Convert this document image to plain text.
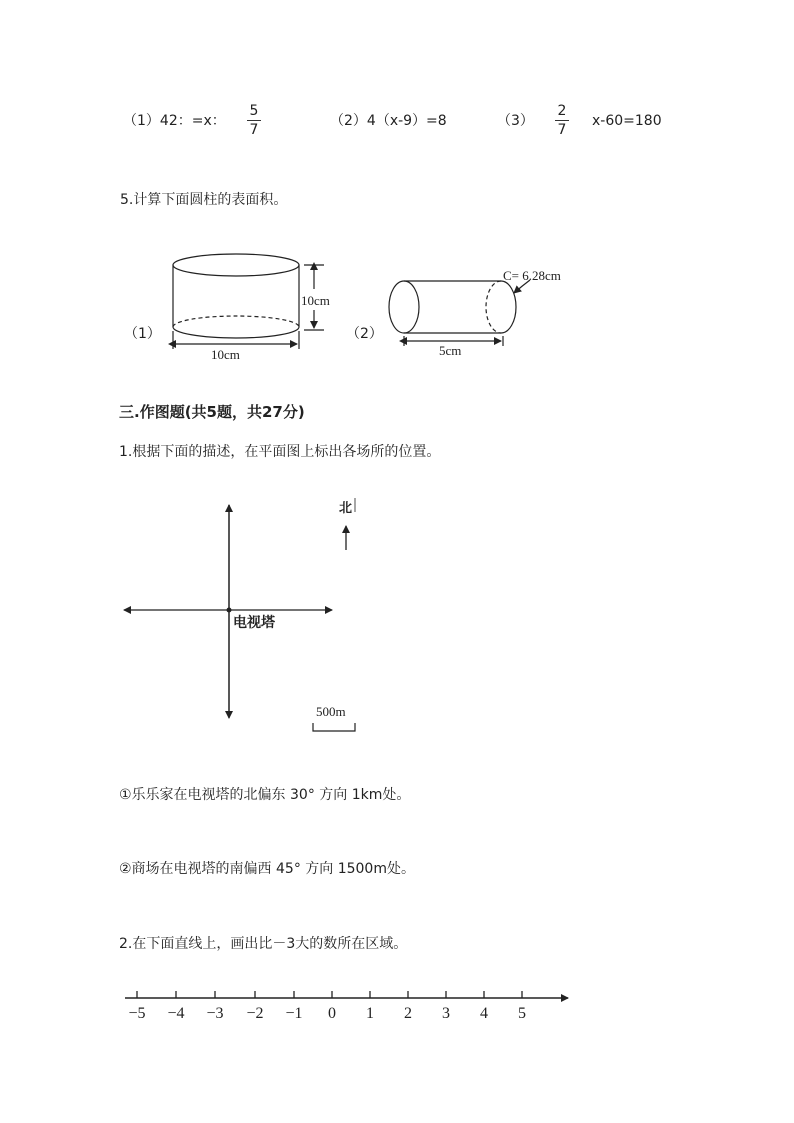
（1）42：=x：
5
7
（2）4（x-9）=8	（3）
2
7
x-60=180
5.计算下面圆柱的表面积。
（1）
10cm
10cm
（2）
C= 6.28cm
5cm
三.作图题(共5题，共27分)
1.根据下面的描述，在平面图上标出各场所的位置。
北
电视塔
500m
①乐乐家在电视塔的北偏东 30° 方向 1km处。
②商场在电视塔的南偏西 45° 方向 1500m处。
2.在下面直线上，画出比－3大的数所在区域。
−5	−4	−3	−2	−1	0	1	2	3	4	5
